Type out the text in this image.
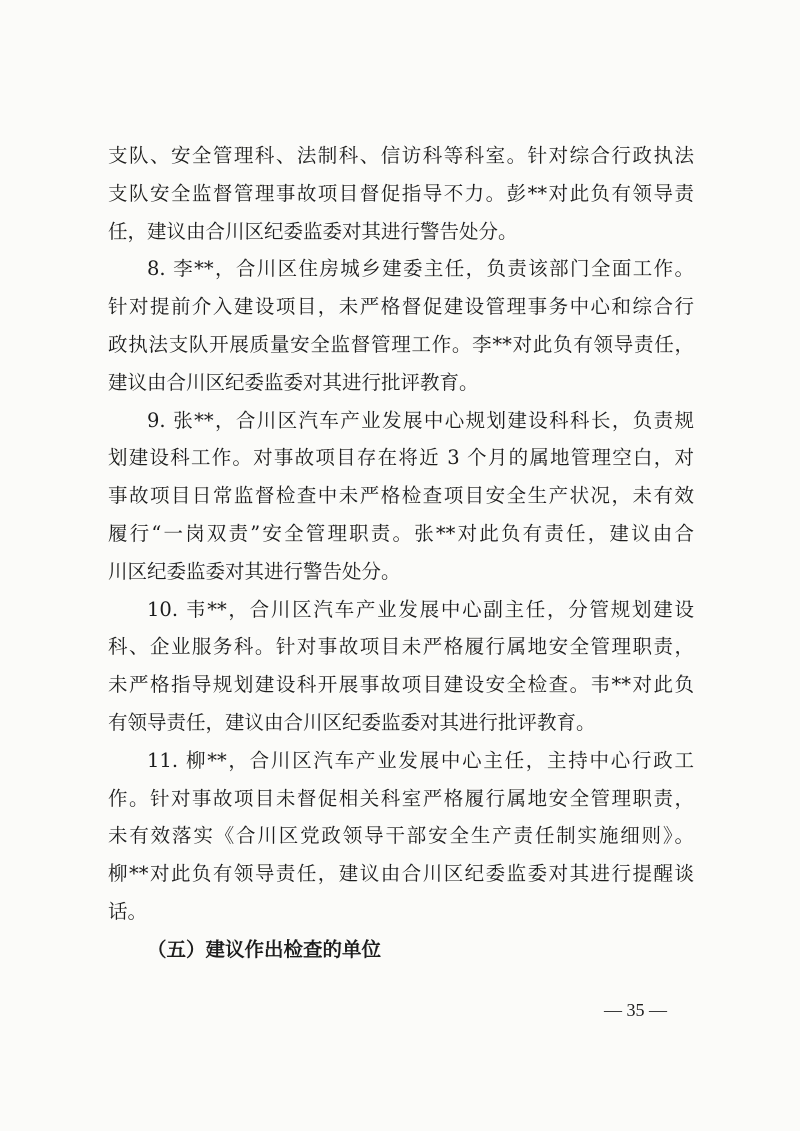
支队、安全管理科、法制科、信访科等科室。针对综合行政执法
支队安全监督管理事故项目督促指导不力。彭**对此负有领导责
任，建议由合川区纪委监委对其进行警告处分。
8. 李**，合川区住房城乡建委主任，负责该部门全面工作。
针对提前介入建设项目，未严格督促建设管理事务中心和综合行
政执法支队开展质量安全监督管理工作。李**对此负有领导责任，
建议由合川区纪委监委对其进行批评教育。
9. 张**，合川区汽车产业发展中心规划建设科科长，负责规
划建设科工作。对事故项目存在将近 3 个月的属地管理空白，对
事故项目日常监督检查中未严格检查项目安全生产状况，未有效
履行“一岗双责”安全管理职责。张**对此负有责任，建议由合
川区纪委监委对其进行警告处分。
10. 韦**，合川区汽车产业发展中心副主任，分管规划建设
科、企业服务科。针对事故项目未严格履行属地安全管理职责，
未严格指导规划建设科开展事故项目建设安全检查。韦**对此负
有领导责任，建议由合川区纪委监委对其进行批评教育。
11. 柳**，合川区汽车产业发展中心主任，主持中心行政工
作。针对事故项目未督促相关科室严格履行属地安全管理职责，
未有效落实《合川区党政领导干部安全生产责任制实施细则》。
柳**对此负有领导责任，建议由合川区纪委监委对其进行提醒谈
话。
（五）建议作出检查的单位
— 35 —
